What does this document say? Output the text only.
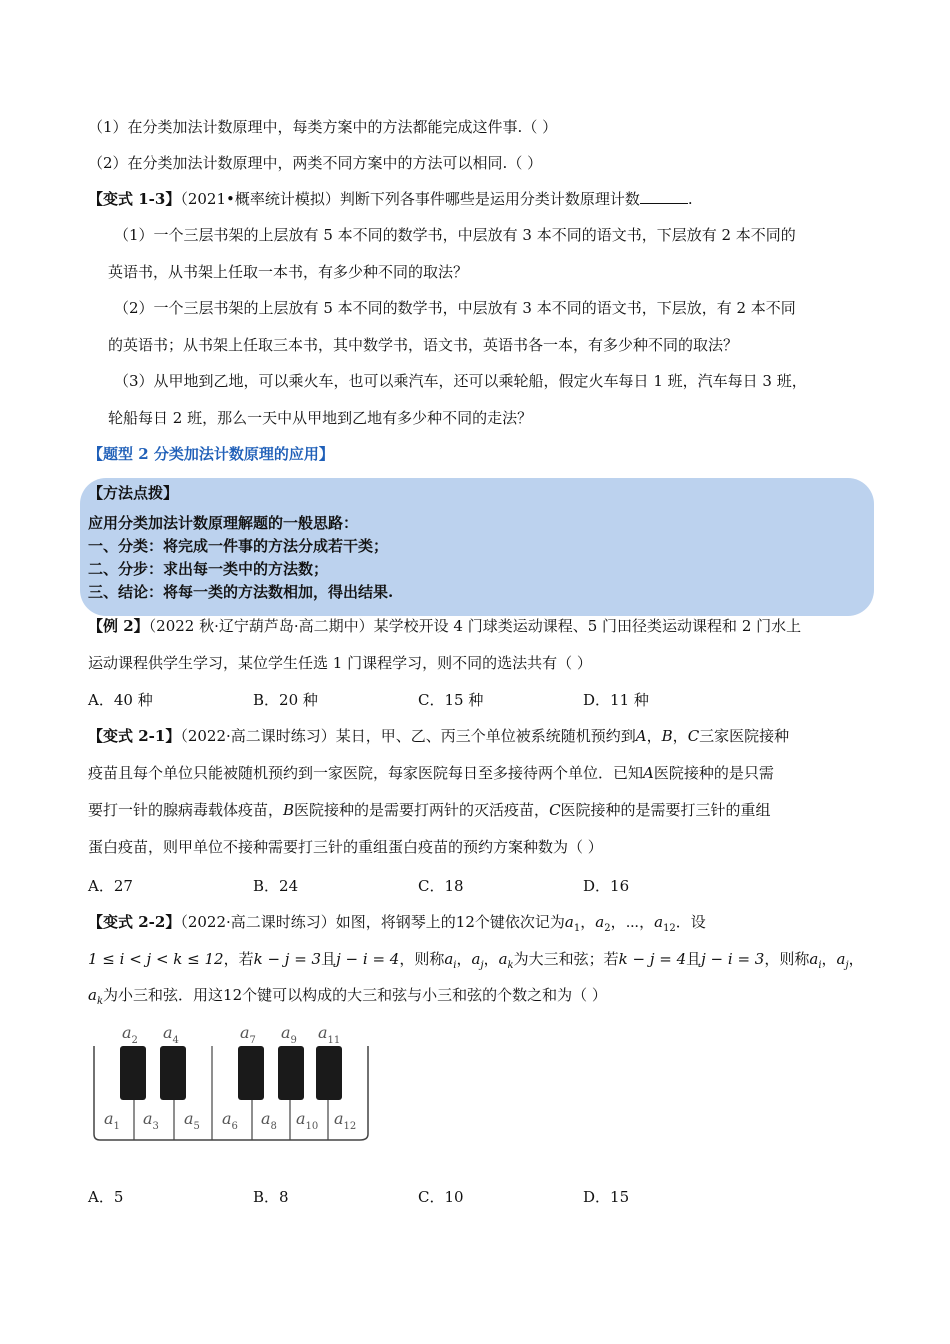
（1）在分类加法计数原理中，每类方案中的方法都能完成这件事.（ ）
（2）在分类加法计数原理中，两类不同方案中的方法可以相同.（ ）
【变式 1-3】（2021•概率统计模拟）判断下列各事件哪些是运用分类计数原理计数	.
（1）一个三层书架的上层放有 5 本不同的数学书，中层放有 3 本不同的语文书，下层放有 2 本不同的
英语书，从书架上任取一本书，有多少种不同的取法？
（2）一个三层书架的上层放有 5 本不同的数学书，中层放有 3 本不同的语文书，下层放，有 2 本不同
的英语书；从书架上任取三本书，其中数学书，语文书，英语书各一本，有多少种不同的取法？
（3）从甲地到乙地，可以乘火车，也可以乘汽车，还可以乘轮船，假定火车每日 1 班，汽车每日 3 班，
轮船每日 2 班，那么一天中从甲地到乙地有多少种不同的走法？
【题型 2 分类加法计数原理的应用】
【方法点拨】
应用分类加法计数原理解题的一般思路：
一、分类：将完成一件事的方法分成若干类；
二、分步：求出每一类中的方法数；
三、结论：将每一类的方法数相加，得出结果.
【例 2】（2022 秋·辽宁葫芦岛·高二期中）某学校开设 4 门球类运动课程、5 门田径类运动课程和 2 门水上
运动课程供学生学习，某位学生任选 1 门课程学习，则不同的选法共有（ ）
A．40 种	B．20 种	C．15 种	D．11 种
【变式 2-1】（2022·高二课时练习）某日，甲、乙、丙三个单位被系统随机预约到A，B，C三家医院接种
疫苗且每个单位只能被随机预约到一家医院，每家医院每日至多接待两个单位．已知A医院接种的是只需
要打一针的腺病毒载体疫苗，B医院接种的是需要打两针的灭活疫苗，C医院接种的是需要打三针的重组
蛋白疫苗，则甲单位不接种需要打三针的重组蛋白疫苗的预约方案种数为（ ）
A．27	B．24	C．18	D．16
【变式 2-2】（2022·高二课时练习）如图，将钢琴上的12个键依次记为$a_1$，$a_2$，⋯，$a_{12}$．设
1 ≤ i < j < k ≤ 12，若k − j = 3且j − i = 4，则称$a_i$，$a_j$，$a_k$为大三和弦；若k − j = 4且j − i = 3，则称$a_i$，$a_j$，
$a_k$为小三和弦．用这12个键可以构成的大三和弦与小三和弦的个数之和为（ ）
$a_2$ $a_4$	$a_7$ $a_9$ $a_{11}$
$a_1$ $a_3$ $a_5$ $a_6$ $a_8$ $a_{10}$ $a_{12}$
A．5	B．8	C．10	D．15
